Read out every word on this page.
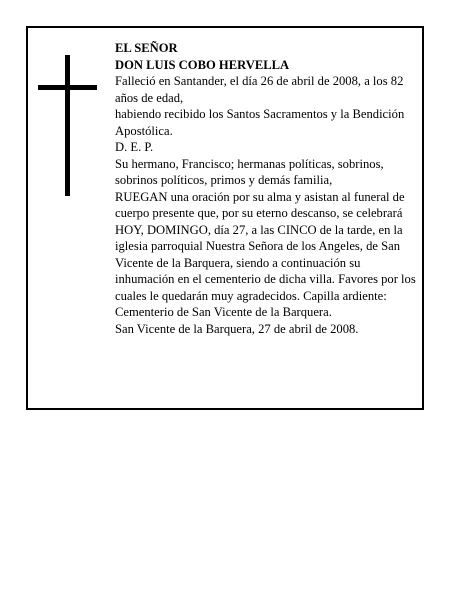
EL SEÑOR

DON LUIS COBO HERVELLA

Falleció en Santander, el día 26 de abril de 2008, a los 82 años de edad,

habiendo recibido los Santos Sacramentos y la Bendición Apostólica.

D. E. P.

Su hermano, Francisco; hermanas políticas, sobrinos, sobrinos políticos, primos y demás familia,

RUEGAN una oración por su alma y asistan al funeral de cuerpo presente que, por su eterno descanso, se celebrará HOY, DOMINGO, día 27, a las CINCO de la tarde, en la iglesia parroquial Nuestra Señora de los Angeles, de San Vicente de la Barquera, siendo a continuación su inhumación en el cementerio de dicha villa. Favores por los cuales le quedarán muy agradecidos. Capilla ardiente: Cementerio de San Vicente de la Barquera.

San Vicente de la Barquera, 27 de abril de 2008.
